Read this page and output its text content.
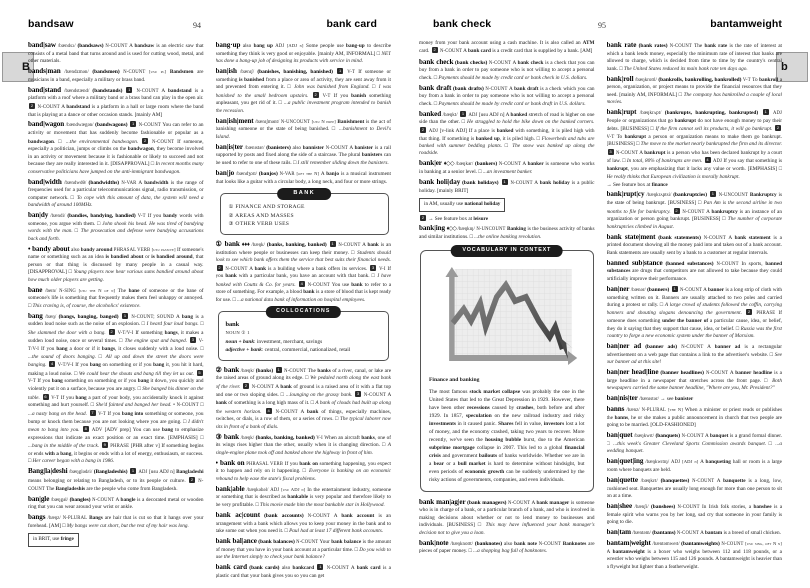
bandsaw	94	bank card
B

band|saw /bændsɔ/ (bandsaws) N-COUNT A bandsaw is an electric saw that consists of a metal band that turns around and is used for cutting wood, metal, and other materials.

bands|man /bændzmən/ (bandsmen) N-COUNT [usu pl] Bandsmen are musicians in a band, especially a military or brass band.

band|stand /bændstænd/ (bandstands) 1 N-COUNT A bandstand is a platform with a roof where a military band or a brass band can play in the open air. 2 N-COUNT A bandstand is a platform in a hall or large room where the band that is playing at a dance or other occasion stands. [mainly AM]

band|wagon /bændwægən/ (bandwagons) 1 N-COUNT You can refer to an activity or movement that has suddenly become fashionable or popular as a bandwagon. □ ...the environmental bandwagon. 2 N-COUNT If someone, especially a politician, jumps or climbs on the bandwagon, they become involved in an activity or movement because it is fashionable or likely to succeed and not because they are really interested in it. [DISAPPROVAL] □ In recent months many conservative politicians have jumped on the anti-immigrant bandwagon.

band|width /bændwdθ/ (bandwidths) N-VAR A bandwidth is the range of frequencies used for a particular telecommunications signal, radio transmission, or computer network. □ To cope with this amount of data, the system will need a bandwidth of around 100MHz.

ban|dy /bændi/ (bandies, bandying, bandied) V-T If you bandy words with someone, you argue with them. □ John shook his head. He was tired of bandying words with the man. □ The prosecution and defense were bandying accusations back and forth.

• bandy about also bandy around PHRASAL VERB [usu passive] If someone's name or something such as an idea is bandied about or is bandied around, that person or that thing is discussed by many people in a casual way. [DISAPPROVAL] □ Young players now hear various sums bandied around about how much older players are getting.

bane /beɪn/ N-SING [usu the N of n] The bane of someone or the bane of someone's life is something that frequently makes them feel unhappy or annoyed. □ This craving is, of course, the alcoholics' existence.

bang /bæŋ/ (bangs, banging, banged) 1 N-COUNT; SOUND A bang is a sudden loud noise such as the noise of an explosion. □ I heard four loud bangs. □ She slammed the door with a bang. 2 V-T/V-I If something bangs, it makes a sudden loud noise, once or several times. □ The engine spat and banged. 3 V-T/V-I If you bang a door or if it bangs, it closes suddenly with a loud noise. □ ...the sound of doors banging. □ All up and down the street the doors were banging. 4 V-T/V-I If you bang on something or if you bang it, you hit it hard, making a loud noise. □ We could hear the shouts and bang till they let us out. 5 V-T If you bang something on something or if you bang it down, you quickly and violently put it on a surface, because you are angry. □ She banged his dinner on the table. 6 V-T If you bang a part of your body, you accidentally knock it against something and hurt yourself. □ She'd fainted and banged her head. • N-COUNT □ ...a nasty bang on the head. 7 V-T If you bang into something or someone, you bump or knock them because you are not looking where you are going. □ I didn't mean to bang into you. 8 ADV [ADV prep] You can use bang to emphasize expressions that indicate an exact position or an exact time. [EMPHASIS] □ ...bang in the middle of the track. 9 PHRASE [PHR after v] If something begins or ends with a bang, it begins or ends with a lot of energy, enthusiasm, or success. □ Her career began with a bang in 1986.

Bang|la|deshi /bæŋglədɛi/ (Bangladeshis) 1 ADJ [usu ADJ n] Bangladeshi means belonging or relating to Bangladesh, or to its people or culture. 2 N-COUNT The Bangladeshis are the people who come from Bangladesh.

ban|gle /bæŋgəl/ (bangles) N-COUNT A bangle is a decorated metal or wooden ring that you can wear around your wrist or ankle.

bangs /bæŋz/ N-PLURAL Bangs are hair that is cut so that it hangs over your forehead. [AM] □ My bangs were cut short, but the rest of my hair was long.

in BRIT, use fringe

bang·up also bang up ADJ [ADJ n] Some people use bang-up to describe something they think is very good or enjoyable. [mainly AM, INFORMAL] □ NET has done a bang-up job of designing its products with service in mind.

ban|ish /bænɪʃ/ (banishes, banishing, banished) 1 V-T If someone or something is banished from a place or area of activity, they are sent away from it and prevented from entering it. □ John was banished from England. □ I was banished to the small bedroom upstairs. 2 V-T If you banish something unpleasant, you get rid of it. □ ...a public investment program intended to banish the recession.

ban|ish|ment /bænɪʃmənt/ N-UNCOUNT [usu N prep] Banishment is the act of banishing someone or the state of being banished. □ ...banishment to Devil's Island.

ban|is|ter /bænɪstər/ (banisters) also bannister N-COUNT A banister is a rail supported by posts and fixed along the side of a staircase. The plural banisters can be used to refer to one of these rails. □ I still remember sliding down the banisters.

ban|jo /bændʒoʊ/ (banjos) N-VAR [oft the N] A banjo is a musical instrument that looks like a guitar with a circular body, a long neck, and four or more strings.

BANK
① FINANCE AND STORAGE
② AREAS AND MASSES
③ OTHER VERB USES

① bank ♦♦♦ /bæŋk/ (banks, banking, banked) 1 N-COUNT A bank is an institution where people or businesses can keep their money. □ Students should look to see which bank offers them the service that best suits their financial needs. 2 N-COUNT A bank is a building where a bank offers its services. 3 V-I If you bank with a particular bank, you have an account with that bank. □ I have banked with Coutts & Co. for years. 4 N-COUNT You use bank to refer to a store of something. For example, a blood bank is a store of blood that is kept ready for use. □ ...a national data bank of information on hospital employees.

COLLOCATIONS
bank
NOUN ① 1
noun + bank: investment, merchant, savings
adjective + bank: central, commercial, nationalized, retail

② bank /bæŋk/ (banks) 1 N-COUNT The banks of a river, canal, or lake are the raised areas of ground along its edge. □ We pedaled north along the east bank of the river. 2 N-COUNT A bank of ground is a raised area of it with a flat top and one or two sloping sides. □ ...lounging on the grassy bank. 3 N-COUNT A bank of something is a long high mass of it. □ A bank of clouds had built up along the western horizon. 4 N-COUNT A bank of things, especially machines, switches, or dials, is a row of them, or a series of rows. □ The typical laborer now sits in front of a bank of dials.

③ bank /bæŋk/ (banks, banking, banked) V-I When an aircraft banks, one of its wings rises higher than the other, usually when it is changing direction. □ A single-engine plane took off and banked above the highway in front of him.

• bank on PHRASAL VERB If you bank on something happening, you expect it to happen and rely on it happening. □ Everyone is banking on an economic rebound to help ease the state's fiscal problems.

bank|able /bæŋkəbəl/ ADJ [usu ADJ n] In the entertainment industry, someone or something that is described as bankable is very popular and therefore likely to be very profitable. □ This movie made him the most bankable star in Hollywood.

bank ac|count (bank accounts) N-COUNT A bank account is an arrangement with a bank which allows you to keep your money in the bank and to take some out when you need it. □ Paul had at least 17 different bank accounts.

bank bal|ance (bank balances) N-COUNT Your bank balance is the amount of money that you have in your bank account at a particular time. □ Do you wish to use the Internet simply to check your bank balance?

bank card (bank cards) also bankcard 1 N-COUNT A bank card is a plastic card that your bank gives you so you can get

bank check	95	bantamweight
b

money from your bank account using a cash machine. It is also called an ATM card. 2 N-COUNT A bank card is a credit card that is supplied by a bank. [AM]

bank check (bank checks) N-COUNT A bank check is a check that you can buy from a bank in order to pay someone who is not willing to accept a personal check. □ Payments should be made by credit card or bank check in U.S. dollars.

bank draft (bank drafts) N-COUNT A bank draft is a check which you can buy from a bank in order to pay someone who is not willing to accept a personal check. □ Payments should be made by credit card or bank draft in U.S. dollars.

banked /bæŋkt/ 1 ADJ [usu ADJ n] A banked stretch of road is higher on one side than the other. □ He struggled to hold the bike down on the banked corners. 2 ADJ [v-link ADJ] If a place is banked with something, it is piled high with that thing. If something is banked up, it is piled high. □ Flowerbeds and tubs are banked with summer bedding plants. □ The snow was banked up along the roadside.

bank|er ♦◇◇ /bæŋkər/ (bankers) N-COUNT A banker is someone who works in banking at a senior level. □ ...an investment banker.

bank holi|day (bank holidays) 1 N-COUNT A bank holiday is a public holiday. [mainly BRIT]

in AM, usually use national holiday

2 → See feature box at leisure

bank|ing ♦◇◇ /bæŋkɪŋ/ N-UNCOUNT Banking is the business activity of banks and similar institutions. □ ...the online banking revolution.

VOCABULARY IN CONTEXT
Finance and banking
The most famous stock market collapse was probably the one in the United States that led to the Great Depression in 1929. However, there have been other recessions caused by crashes, both before and after 1929. In 1857, speculation on the new railroad industry and risky investments in it caused panic. Shares fell in value, investors lost a lot of money, and the economy crashed, taking two years to recover. More recently, we've seen the housing bubble burst, due to the American subprime mortgage collapse in 2007. This led to a global financial crisis and government bailouts of banks worldwide. Whether we are in a bear or a bull market is hard to determine without hindsight, but even periods of economic growth can be suddenly undermined by the risky actions of governments, companies, and even individuals.

bank man|ag|er (bank managers) N-COUNT A bank manager is someone who is in charge of a bank, or a particular branch of a bank, and who is involved in making decisions about whether or not to lend money to businesses and individuals. [BUSINESS] □ This may have influenced your bank manager's decision not to give you a loan.

bank|note /bæŋknoʊt/ (banknotes) also bank note N-COUNT Banknotes are pieces of paper money. □ ...a shopping bag full of banknotes.

bank rate (bank rates) N-COUNT The bank rate is the rate of interest at which a bank lends money, especially the minimum rate of interest that banks are allowed to charge, which is decided from time to time by the country's central bank. □ The United States reduced its main bank rate ten days ago.

bank|roll /bæŋkroʊl/ (bankrolls, bankrolling, bankrolled) V-T To bankroll a person, organization, or project means to provide the financial resources that they need. [mainly AM, INFORMAL] □ The company has bankrolled a couple of local movies.

bank|rupt /bæŋkrʌpt/ (bankrupts, bankrupting, bankrupted) 1 ADJ People or organizations that go bankrupt do not have enough money to pay their debts. [BUSINESS] □ If the firm cannot sell its products, it will go bankrupt. 2 V-T To bankrupt a person or organization means to make them go bankrupt. [BUSINESS] □ The move to the market nearly bankrupted the firm and its director. 3 N-COUNT A bankrupt is a person who has been declared bankrupt by a court of law. □ In total, 80% of bankrupts are men. 4 ADJ If you say that something is bankrupt, you are emphasizing that it lacks any value or worth. [EMPHASIS] □ He really thinks that European civilization is morally bankrupt.

→ See feature box at finance

bank|rupt|cy /bæŋkrʌptsi/ (bankruptcies) 1 N-UNCOUNT Bankruptcy is the state of being bankrupt. [BUSINESS] □ Pan Am is the second airline in two months to file for bankruptcy. 2 N-COUNT A bankruptcy is an instance of an organization or person going bankrupt. [BUSINESS] □ The number of corporate bankruptcies climbed in August.

bank state|ment (bank statements) N-COUNT A bank statement is a printed document showing all the money paid into and taken out of a bank account. Bank statements are usually sent by a bank to a customer at regular intervals.

banned sub|stance (banned substances) N-COUNT In sports, banned substances are drugs that competitors are not allowed to take because they could artificially improve their performance.

ban|ner /bænər/ (banners) 1 N-COUNT A banner is a long strip of cloth with something written on it. Banners are usually attached to two poles and carried during a protest or rally. □ A large crowd of students followed the coffin, carrying banners and shouting slogans denouncing the government. 2 PHRASE If someone does something under the banner of a particular cause, idea, or belief, they do it saying that they support that cause, idea, or belief. □ Russia was the first country to forge a new economic system under the banner of Marxism.

ban|ner ad (banner ads) N-COUNT A banner ad is a rectangular advertisement on a web page that contains a link to the advertiser's website. □ See our banner ad at this site!

ban|ner head|line (banner headlines) N-COUNT A banner headline is a large headline in a newspaper that stretches across the front page. □ Both newspapers carried the same banner headline, "Where are you, Mr. President?"

ban|nis|ter /bænɪstər/ → see banister

banns /bænz/ N-PLURAL [the N] When a minister or priest reads or publishes the banns, he or she makes a public announcement in church that two people are going to be married. [OLD-FASHIONED]

ban|quet /bæŋkwɪt/ (banquets) N-COUNT A banquet is a grand formal dinner. □ ...this week's Greater Cleveland Sports Commission awards banquet. □ ...a wedding banquet.

ban|quet|ing /bæŋkwɪtɪŋ/ ADJ [ADJ n] A banqueting hall or room is a large room where banquets are held.

ban|quette /bæŋkɛt/ (banquettes) N-COUNT A banquette is a long, low, cushioned seat. Banquettes are usually long enough for more than one person to sit on at a time.

ban|shee /bænʃi/ (banshees) N-COUNT In Irish folk stories, a banshee is a female spirit who warns you by her long, sad cry that someone in your family is going to die.

ban|tam /bæntəm/ (bantams) N-COUNT A bantam is a breed of small chicken.

bantam|weight /bæntəmweɪt/ (bantamweights) N-COUNT [usu sing, oft N n] A bantamweight is a boxer who weighs between 112 and 118 pounds, or a wrestler who weighs between 115 and 126 pounds. A bantamweight is heavier than a flyweight but lighter than a featherweight.
